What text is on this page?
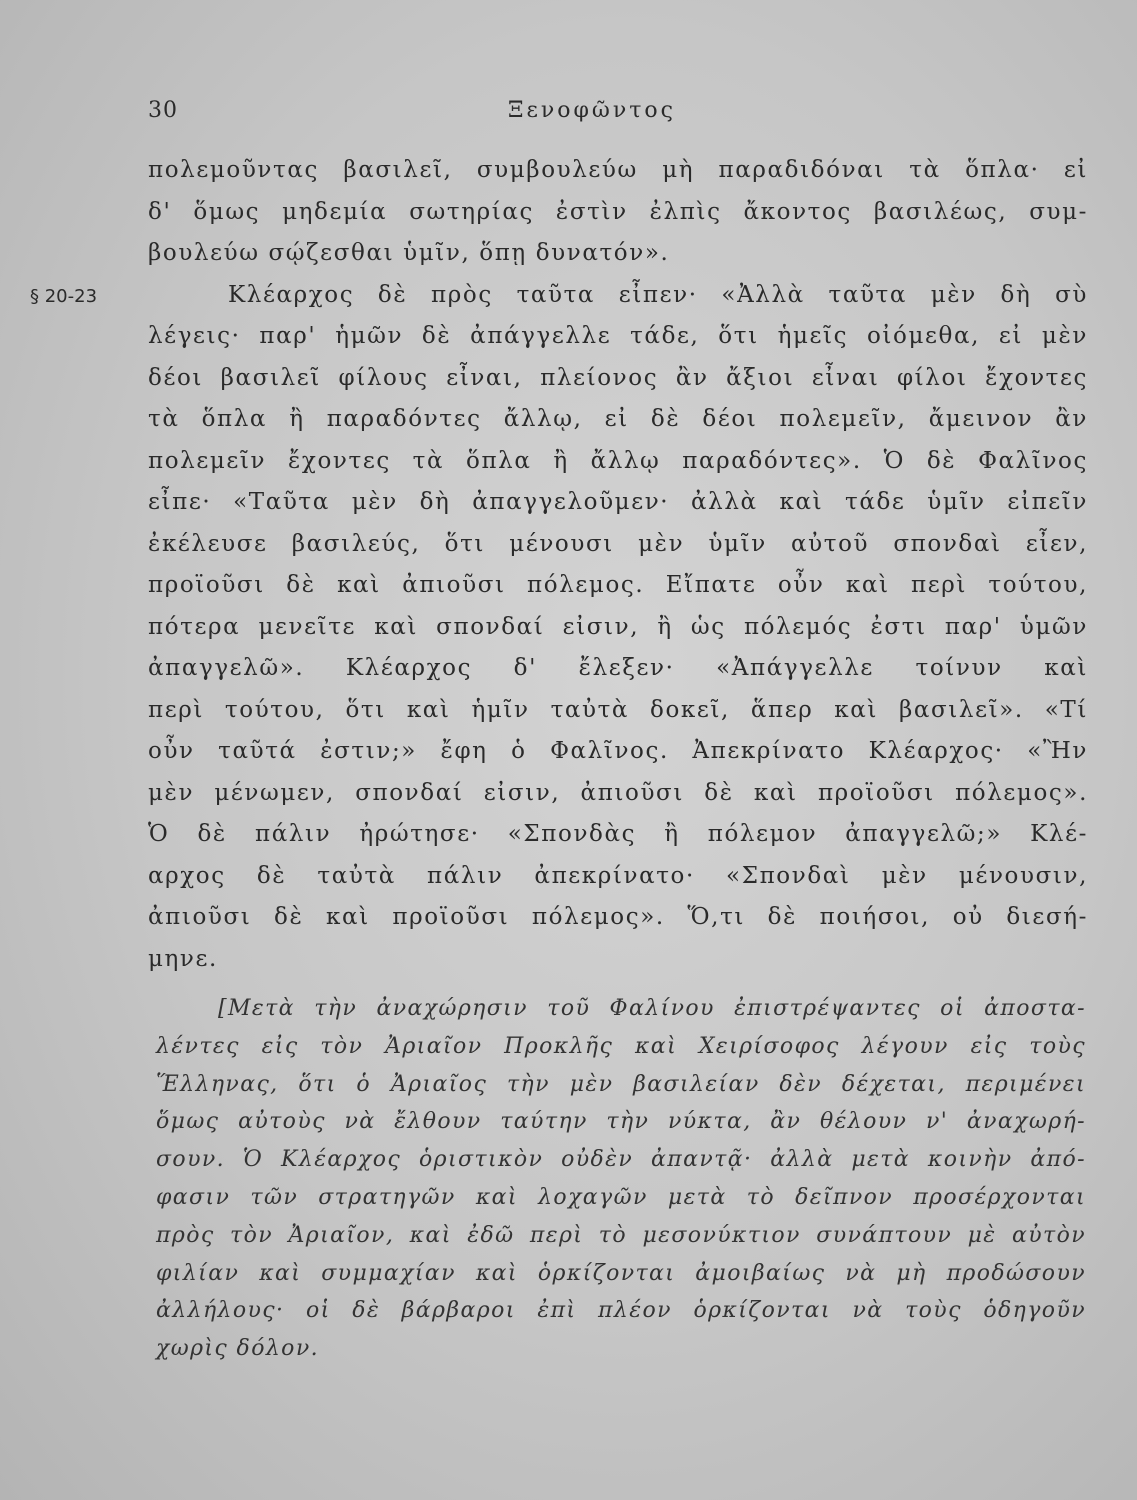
30	Ξενοφῶντος
§ 20-23
πολεμοῦντας βασιλεῖ, συμβουλεύω μὴ παραδιδόναι τὰ ὅπλα· εἰ
δ' ὅμως μηδεμία σωτηρίας ἐστὶν ἐλπὶς ἄκοντος βασιλέως, συμ-
βουλεύω σῴζεσθαι ὑμῖν, ὅπῃ δυνατόν».
Κλέαρχος δὲ πρὸς ταῦτα εἶπεν· «Ἀλλὰ ταῦτα μὲν δὴ σὺ
λέγεις· παρ' ἡμῶν δὲ ἀπάγγελλε τάδε, ὅτι ἡμεῖς οἰόμεθα, εἰ μὲν
δέοι βασιλεῖ φίλους εἶναι, πλείονος ἂν ἄξιοι εἶναι φίλοι ἔχοντες
τὰ ὅπλα ἢ παραδόντες ἄλλῳ, εἰ δὲ δέοι πολεμεῖν, ἄμεινον ἂν
πολεμεῖν ἔχοντες τὰ ὅπλα ἢ ἄλλῳ παραδόντες». Ὁ δὲ Φαλῖνος
εἶπε· «Ταῦτα μὲν δὴ ἀπαγγελοῦμεν· ἀλλὰ καὶ τάδε ὑμῖν εἰπεῖν
ἐκέλευσε βασιλεύς, ὅτι μένουσι μὲν ὑμῖν αὐτοῦ σπονδαὶ εἶεν,
προϊοῦσι δὲ καὶ ἀπιοῦσι πόλεμος. Εἴπατε οὖν καὶ περὶ τούτου,
πότερα μενεῖτε καὶ σπονδαί εἰσιν, ἢ ὡς πόλεμός ἐστι παρ' ὑμῶν
ἀπαγγελῶ». Κλέαρχος δ' ἔλεξεν· «Ἀπάγγελλε τοίνυν καὶ
περὶ τούτου, ὅτι καὶ ἡμῖν ταὐτὰ δοκεῖ, ἅπερ καὶ βασιλεῖ». «Τί
οὖν ταῦτά ἐστιν;» ἔφη ὁ Φαλῖνος. Ἀπεκρίνατο Κλέαρχος· «Ἢν
μὲν μένωμεν, σπονδαί εἰσιν, ἀπιοῦσι δὲ καὶ προϊοῦσι πόλεμος».
Ὁ δὲ πάλιν ἠρώτησε· «Σπονδὰς ἢ πόλεμον ἀπαγγελῶ;» Κλέ-
αρχος δὲ ταὐτὰ πάλιν ἀπεκρίνατο· «Σπονδαὶ μὲν μένουσιν,
ἀπιοῦσι δὲ καὶ προϊοῦσι πόλεμος». Ὅ,τι δὲ ποιήσοι, οὐ διεσή-
μηνε.
[Μετὰ τὴν ἀναχώρησιν τοῦ Φαλίνου ἐπιστρέψαντες οἱ ἀποστα-
λέντες εἰς τὸν Ἀριαῖον Προκλῆς καὶ Χειρίσοφος λέγουν εἰς τοὺς
Ἕλληνας, ὅτι ὁ Ἀριαῖος τὴν μὲν βασιλείαν δὲν δέχεται, περιμένει
ὅμως αὐτοὺς νὰ ἔλθουν ταύτην τὴν νύκτα, ἂν θέλουν ν' ἀναχωρή-
σουν. Ὁ Κλέαρχος ὁριστικὸν οὐδὲν ἀπαντᾷ· ἀλλὰ μετὰ κοινὴν ἀπό-
φασιν τῶν στρατηγῶν καὶ λοχαγῶν μετὰ τὸ δεῖπνον προσέρχονται
πρὸς τὸν Ἀριαῖον, καὶ ἐδῶ περὶ τὸ μεσονύκτιον συνάπτουν μὲ αὐτὸν
φιλίαν καὶ συμμαχίαν καὶ ὁρκίζονται ἀμοιβαίως νὰ μὴ προδώσουν
ἀλλήλους· οἱ δὲ βάρβαροι ἐπὶ πλέον ὁρκίζονται νὰ τοὺς ὁδηγοῦν
χωρὶς δόλον.
